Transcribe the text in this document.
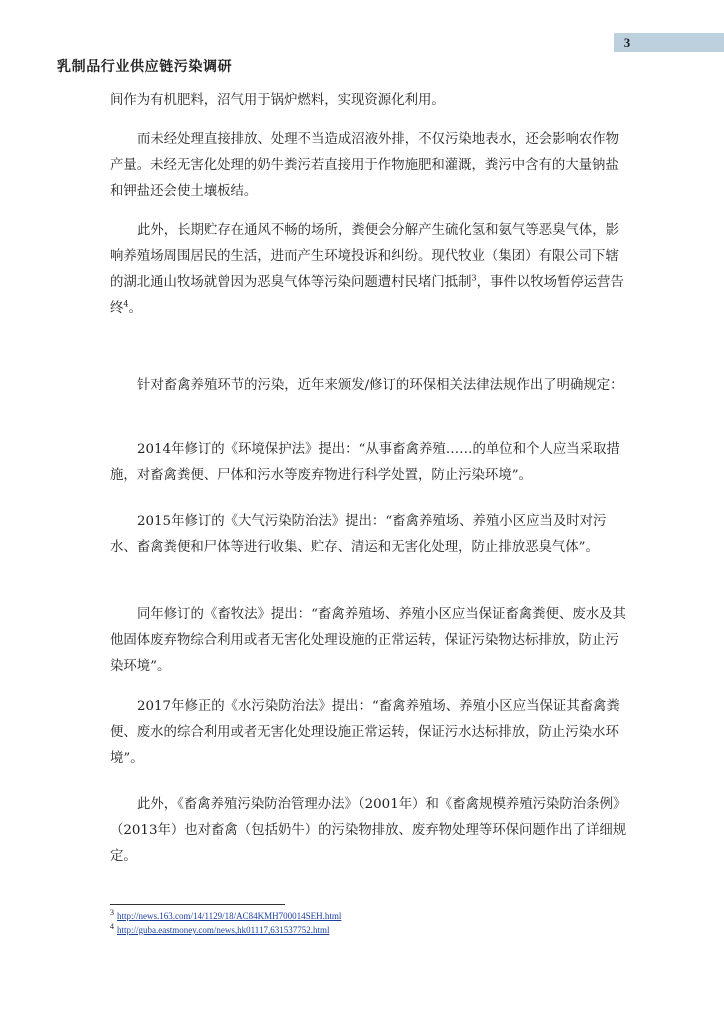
3
乳制品行业供应链污染调研

间作为有机肥料，沼气用于锅炉燃料，实现资源化利用。

而未经处理直接排放、处理不当造成沼液外排，不仅污染地表水，还会影响农作物产量。未经无害化处理的奶牛粪污若直接用于作物施肥和灌溉，粪污中含有的大量钠盐和钾盐还会使土壤板结。

此外，长期贮存在通风不畅的场所，粪便会分解产生硫化氢和氨气等恶臭气体，影响养殖场周围居民的生活，进而产生环境投诉和纠纷。现代牧业（集团）有限公司下辖的湖北通山牧场就曾因为恶臭气体等污染问题遭村民堵门抵制$^3$，事件以牧场暂停运营告终$^4$。

针对畜禽养殖环节的污染，近年来颁发/修订的环保相关法律法规作出了明确规定：

2014年修订的《环境保护法》提出：“从事畜禽养殖……的单位和个人应当采取措施，对畜禽粪便、尸体和污水等废弃物进行科学处置，防止污染环境”。

2015年修订的《大气污染防治法》提出：“畜禽养殖场、养殖小区应当及时对污水、畜禽粪便和尸体等进行收集、贮存、清运和无害化处理，防止排放恶臭气体”。

同年修订的《畜牧法》提出：“畜禽养殖场、养殖小区应当保证畜禽粪便、废水及其他固体废弃物综合利用或者无害化处理设施的正常运转，保证污染物达标排放，防止污染环境”。

2017年修正的《水污染防治法》提出：“畜禽养殖场、养殖小区应当保证其畜禽粪便、废水的综合利用或者无害化处理设施正常运转，保证污水达标排放，防止污染水环境”。

此外，《畜禽养殖污染防治管理办法》（2001年）和《畜禽规模养殖污染防治条例》（2013年）也对畜禽（包括奶牛）的污染物排放、废弃物处理等环保问题作出了详细规定。

$^3$ http://news.163.com/14/1129/18/AC84KMH700014SEH.html
$^4$ http://guba.eastmoney.com/news,hk01117,631537752.html
